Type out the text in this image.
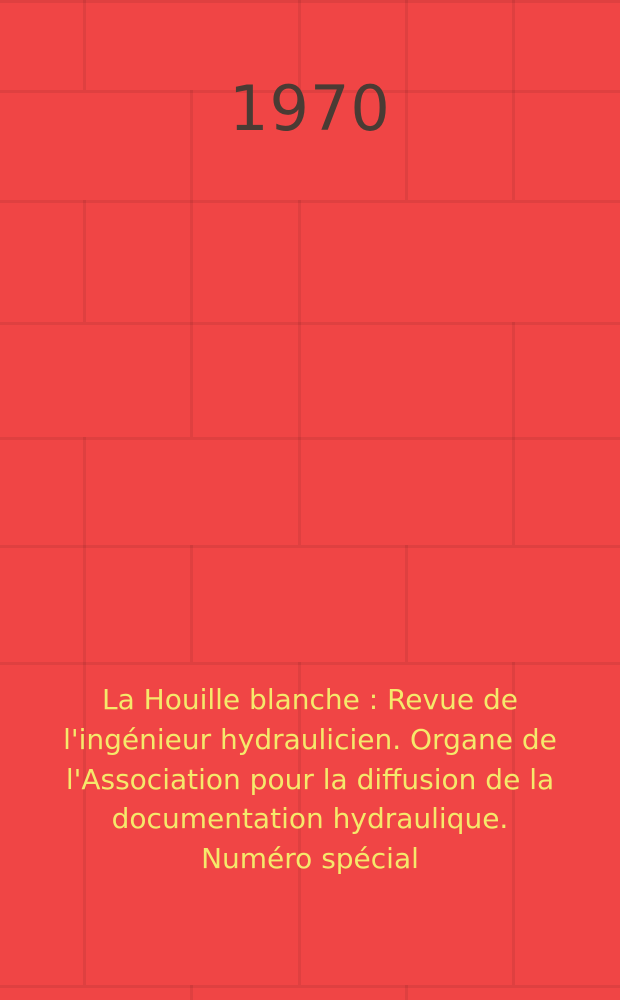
1970
La Houille blanche : Revue de l'ingénieur hydraulicien. Organe de l'Association pour la diffusion de la documentation hydraulique. Numéro spécial
